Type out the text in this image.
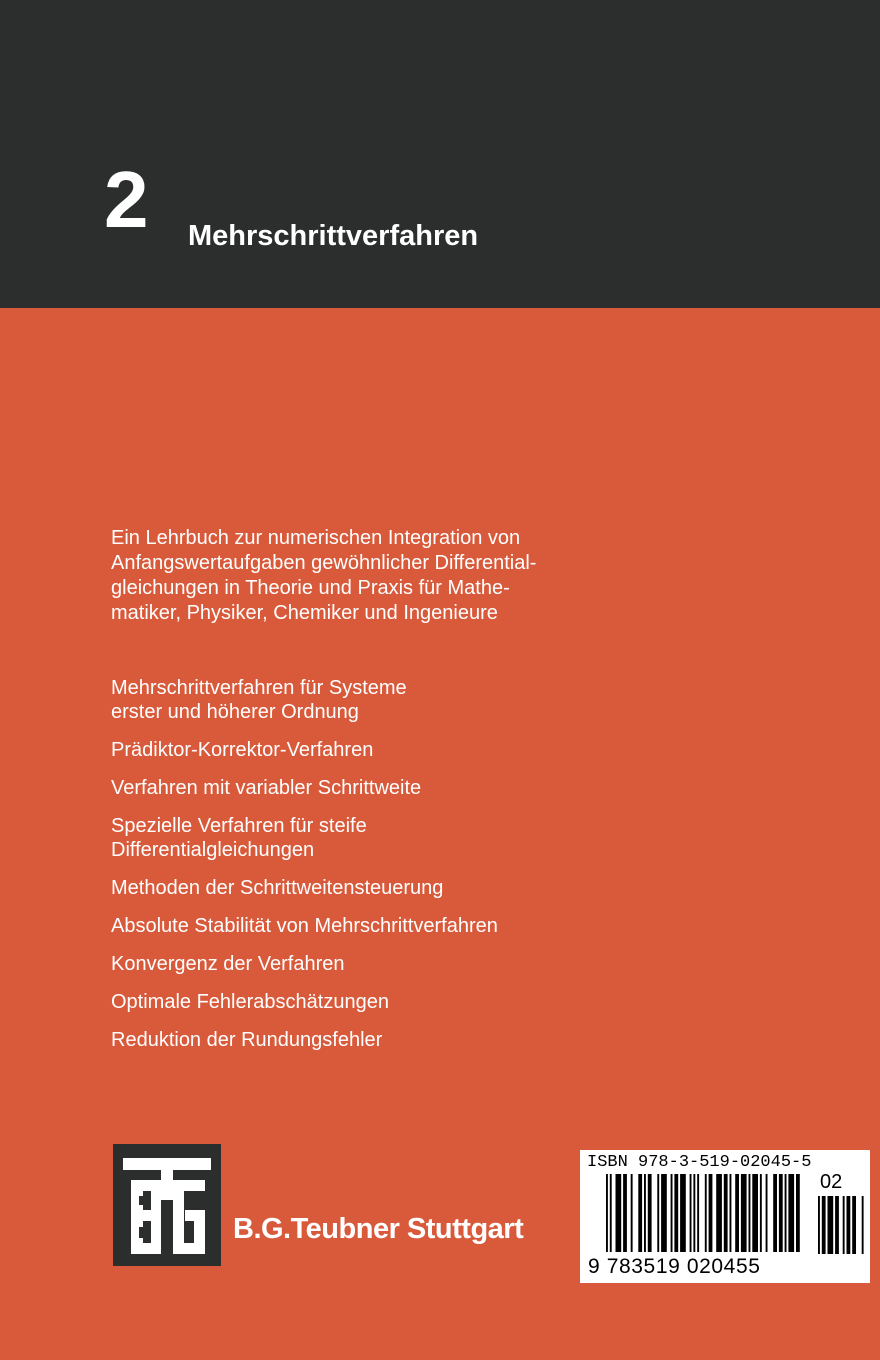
2 Mehrschrittverfahren

Ein Lehrbuch zur numerischen Integration von
Anfangswertaufgaben gewöhnlicher Differential-
gleichungen in Theorie und Praxis für Mathe-
matiker, Physiker, Chemiker und Ingenieure

Mehrschrittverfahren für Systeme
erster und höherer Ordnung
Prädiktor-Korrektor-Verfahren
Verfahren mit variabler Schrittweite
Spezielle Verfahren für steife
Differentialgleichungen
Methoden der Schrittweitensteuerung
Absolute Stabilität von Mehrschrittverfahren
Konvergenz der Verfahren
Optimale Fehlerabschätzungen
Reduktion der Rundungsfehler
B.G.Teubner Stuttgart
ISBN 978-3-519-02045-5
02
9 783519 020455
